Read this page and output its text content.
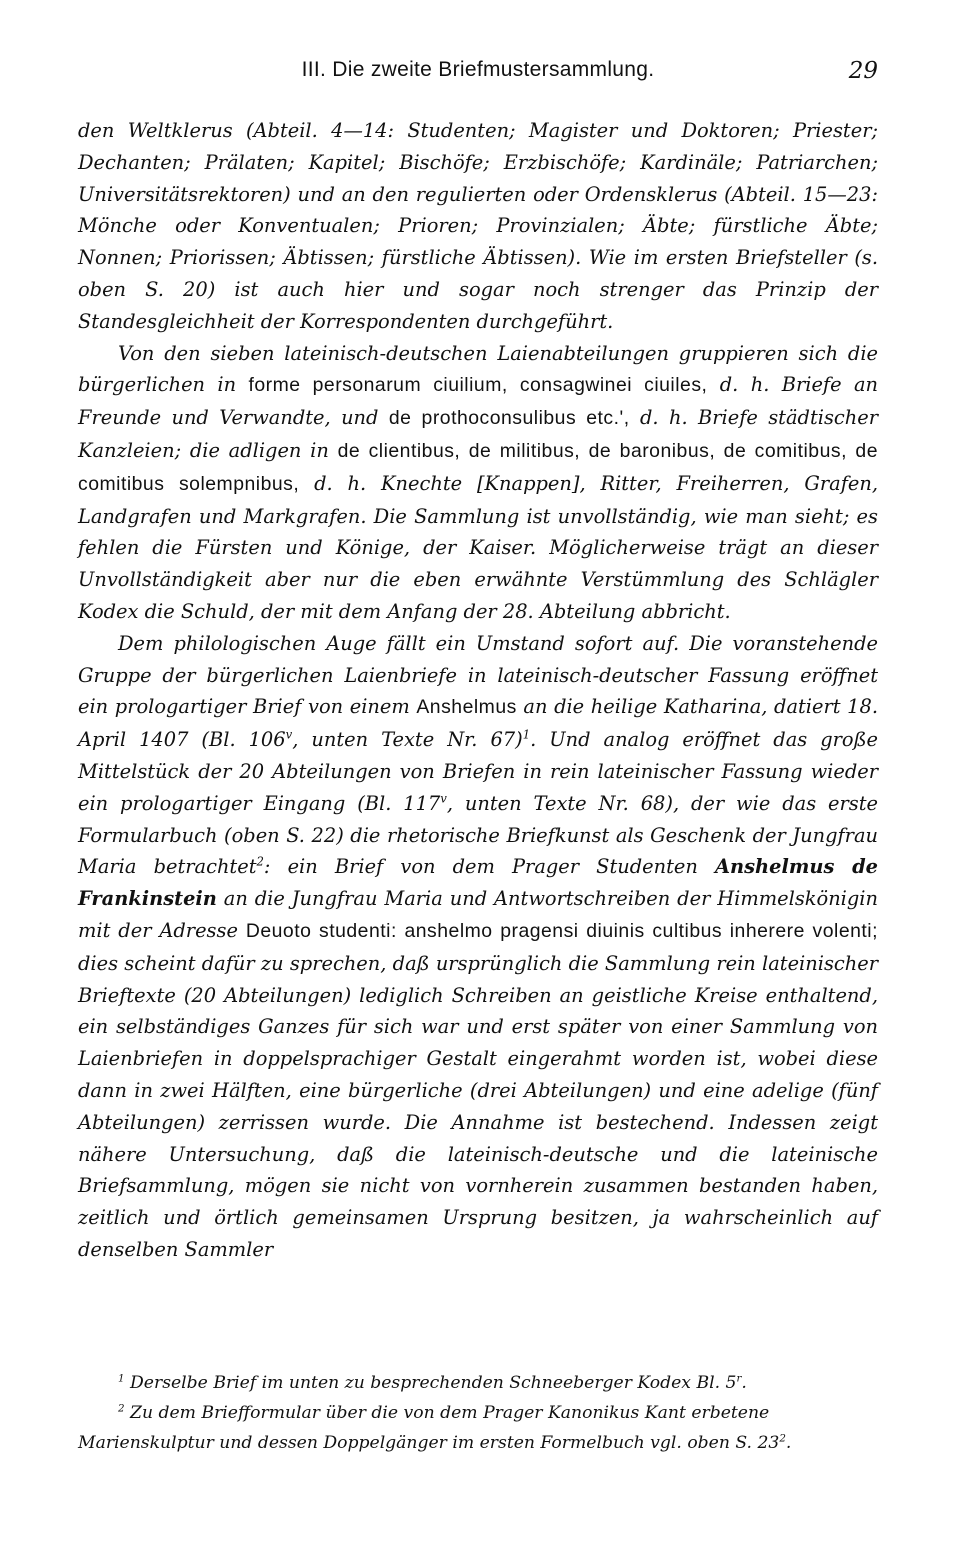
III. Die zweite Briefmustersammlung.	29

den Weltklerus (Abteil. 4—14: Studenten; Magister und Doktoren; Priester; Dechanten; Prälaten; Kapitel; Bischöfe; Erzbischöfe; Kardinäle; Patriarchen; Universitätsrektoren) und an den regulierten oder Ordensklerus (Abteil. 15—23: Mönche oder Konventualen; Prioren; Provinzialen; Äbte; fürstliche Äbte; Nonnen; Priorissen; Äbtissen; fürstliche Äbtissen). Wie im ersten Briefsteller (s. oben S. 20) ist auch hier und sogar noch strenger das Prinzip der Standesgleichheit der Korrespondenten durchgeführt.

Von den sieben lateinisch-deutschen Laienabteilungen gruppieren sich die bürgerlichen in forme personarum ciuilium, consagwinei ciuiles, d. h. Briefe an Freunde und Verwandte, und de prothoconsulibus etc.', d. h. Briefe städtischer Kanzleien; die adligen in de clientibus, de militibus, de baronibus, de comitibus, de comitibus solempnibus, d. h. Knechte [Knappen], Ritter, Freiherren, Grafen, Landgrafen und Markgrafen. Die Sammlung ist unvollständig, wie man sieht; es fehlen die Fürsten und Könige, der Kaiser. Möglicherweise trägt an dieser Unvollständigkeit aber nur die eben erwähnte Verstümmlung des Schlägler Kodex die Schuld, der mit dem Anfang der 28. Abteilung abbricht.

Dem philologischen Auge fällt ein Umstand sofort auf. Die voranstehende Gruppe der bürgerlichen Laienbriefe in lateinisch-deutscher Fassung eröffnet ein prologartiger Brief von einem Anshelmus an die heilige Katharina, datiert 18. April 1407 (Bl. 106$^v$, unten Texte Nr. 67)$^1$. Und analog eröffnet das große Mittelstück der 20 Abteilungen von Briefen in rein lateinischer Fassung wieder ein prologartiger Eingang (Bl. 117$^v$, unten Texte Nr. 68), der wie das erste Formularbuch (oben S. 22) die rhetorische Briefkunst als Geschenk der Jungfrau Maria betrachtet$^2$: ein Brief von dem Prager Studenten Anshelmus de Frankinstein an die Jungfrau Maria und Antwortschreiben der Himmelskönigin mit der Adresse Deuoto studenti: anshelmo pragensi diuinis cultibus inherere volenti; dies scheint dafür zu sprechen, daß ursprünglich die Sammlung rein lateinischer Brieftexte (20 Abteilungen) lediglich Schreiben an geistliche Kreise enthaltend, ein selbständiges Ganzes für sich war und erst später von einer Sammlung von Laienbriefen in doppelsprachiger Gestalt eingerahmt worden ist, wobei diese dann in zwei Hälften, eine bürgerliche (drei Abteilungen) und eine adelige (fünf Abteilungen) zerrissen wurde. Die Annahme ist bestechend. Indessen zeigt nähere Untersuchung, daß die lateinisch-deutsche und die lateinische Briefsammlung, mögen sie nicht von vornherein zusammen bestanden haben, zeitlich und örtlich gemeinsamen Ursprung besitzen, ja wahrscheinlich auf denselben Sammler

$^1$ Derselbe Brief im unten zu besprechenden Schneeberger Kodex Bl. 5$^r$.

$^2$ Zu dem Briefformular über die von dem Prager Kanonikus Kant erbetene Marienskulptur und dessen Doppelgänger im ersten Formelbuch vgl. oben S. $23^2$.
